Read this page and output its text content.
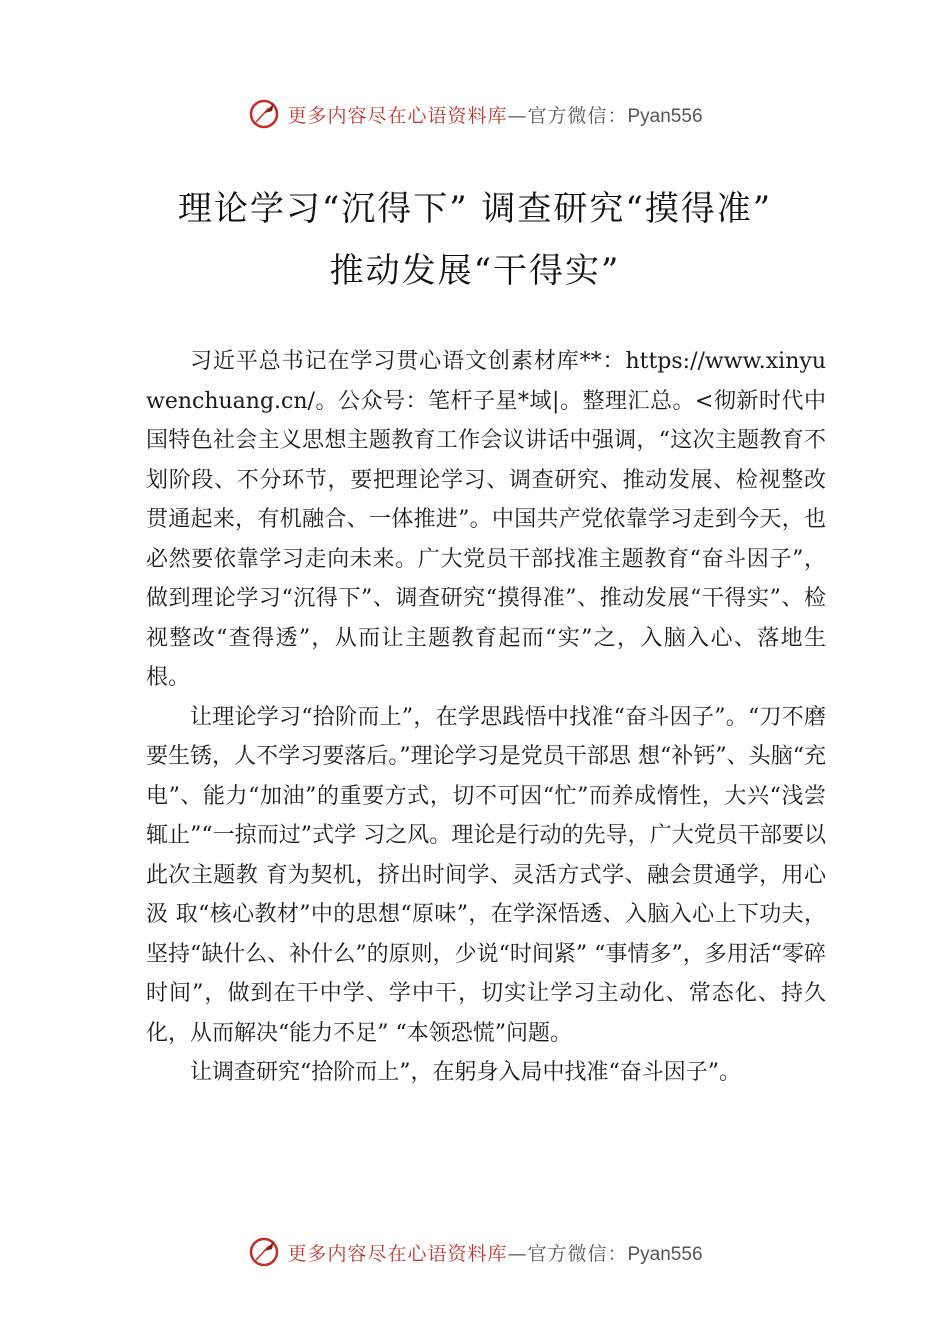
更多内容尽在心语资料库—官方微信：Pyan556
理论学习“沉得下” 调查研究“摸得准”
推动发展“干得实”

习近平总书记在学习贯心语文创素材库**：https://www.xinyuwenchuang.cn/。公众号：笔杆子星*域|。整理汇总。<彻新时代中国特色社会主义思想主题教育工作会议讲话中强调，“这次主题教育不划阶段、不分环节，要把理论学习、调查研究、推动发展、检视整改贯通起来，有机融合、一体推进”。中国共产党依靠学习走到今天，也必然要依靠学习走向未来。广大党员干部找准主题教育“奋斗因子”，做到理论学习“沉得下”、调查研究“摸得准”、推动发展“干得实”、检视整改“查得透”，从而让主题教育起而“实”之，入脑入心、落地生根。

让理论学习“拾阶而上”，在学思践悟中找准“奋斗因子”。“刀不磨要生锈，人不学习要落后。”理论学习是党员干部思 想“补钙”、头脑“充电”、能力“加油”的重要方式，切不可因“忙”而养成惰性，大兴“浅尝辄止”“一掠而过”式学 习之风。理论是行动的先导，广大党员干部要以此次主题教 育为契机，挤出时间学、灵活方式学、融会贯通学，用心汲 取“核心教材”中的思想“原味”，在学深悟透、入脑入心上下功夫，坚持“缺什么、补什么”的原则，少说“时间紧” “事情多”，多用活“零碎时间”，做到在干中学、学中干，切实让学习主动化、常态化、持久化，从而解决“能力不足” “本领恐慌”问题。

让调查研究“拾阶而上”，在躬身入局中找准“奋斗因子”。

更多内容尽在心语资料库—官方微信：Pyan556
